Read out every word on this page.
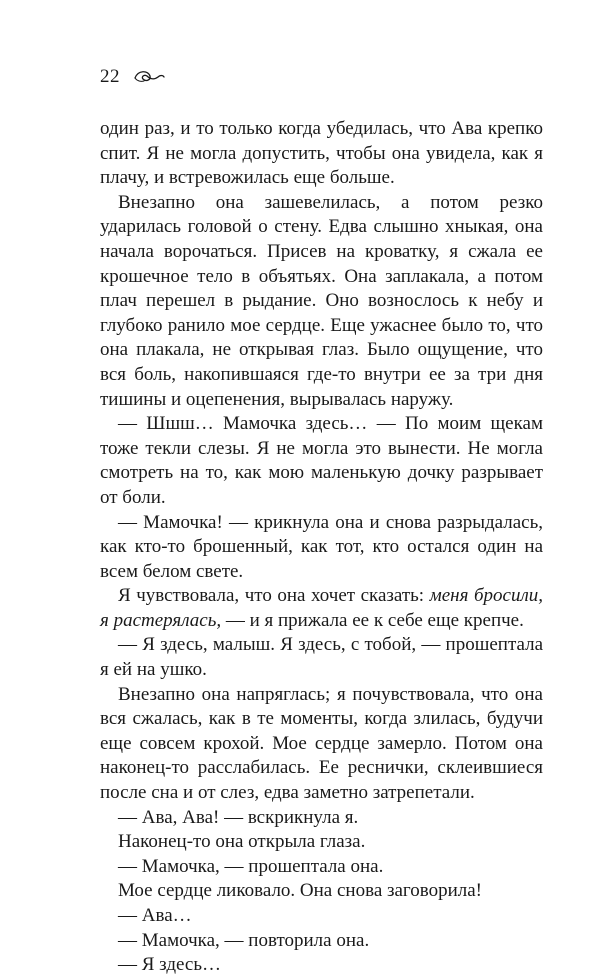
22

один раз, и то только когда убедилась, что Ава крепко спит. Я не могла допустить, чтобы она увидела, как я плачу, и встревожилась еще больше.

Внезапно она зашевелилась, а потом резко ударилась головой о стену. Едва слышно хныкая, она начала ворочаться. Присев на кроватку, я сжала ее крошечное тело в объятьях. Она заплакала, а потом плач перешел в рыдание. Оно вознослось к небу и глубоко ранило мое сердце. Еще ужаснее было то, что она плакала, не открывая глаз. Было ощущение, что вся боль, накопившаяся где-то внутри ее за три дня тишины и оцепенения, вырывалась наружу.

— Шшш… Мамочка здесь… — По моим щекам тоже текли слезы. Я не могла это вынести. Не могла смотреть на то, как мою маленькую дочку разрывает от боли.

— Мамочка! — крикнула она и снова разрыдалась, как кто-то брошенный, как тот, кто остался один на всем белом свете.

Я чувствовала, что она хочет сказать: меня бросили, я растерялась, — и я прижала ее к себе еще крепче.

— Я здесь, малыш. Я здесь, с тобой, — прошептала я ей на ушко.

Внезапно она напряглась; я почувствовала, что она вся сжалась, как в те моменты, когда злилась, будучи еще совсем крохой. Мое сердце замерло. Потом она наконец-то расслабилась. Ее реснички, склеившиеся после сна и от слез, едва заметно затрепетали.

— Ава, Ава! — вскрикнула я.

Наконец-то она открыла глаза.

— Мамочка, — прошептала она.

Мое сердце ликовало. Она снова заговорила!

— Ава…

— Мамочка, — повторила она.

— Я здесь…
